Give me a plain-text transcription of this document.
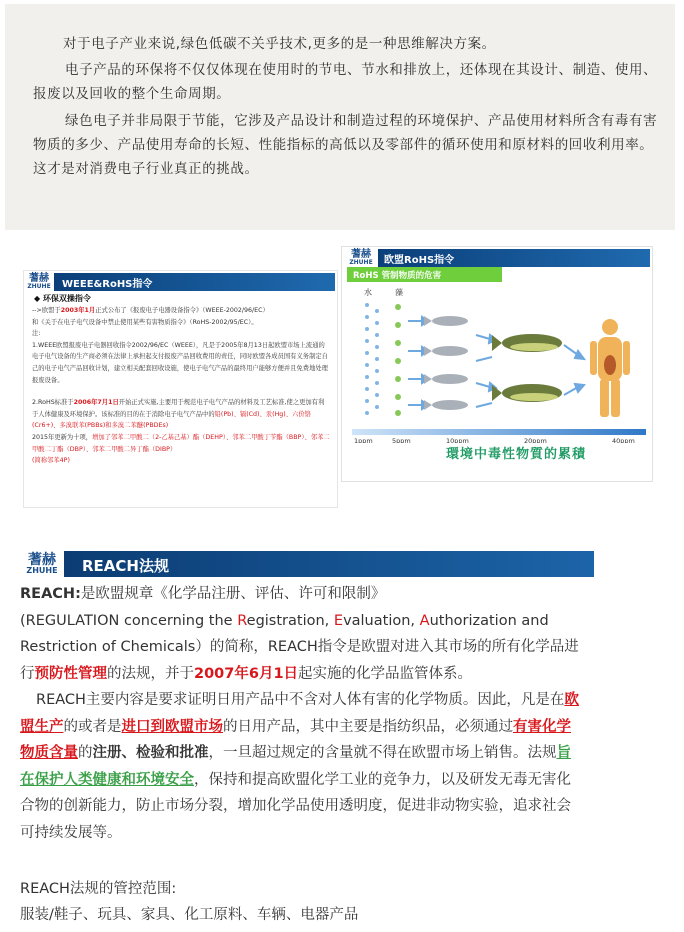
对于电子产业来说,绿色低碳不关乎技术,更多的是一种思维解决方案。

电子产品的环保将不仅仅体现在使用时的节电、节水和排放上，还体现在其设计、制造、使用、报废以及回收的整个生命周期。

绿色电子并非局限于节能，它涉及产品设计和制造过程的环境保护、产品使用材料所含有毒有害物质的多少、产品使用寿命的长短、性能指标的高低以及零部件的循环使用和原材料的回收利用率。这才是对消费电子行业真正的挑战。

蓍赫
ZHUHE WEEE&RoHS指令
◆ 环保双操指令
-->欧盟于2003年1月正式公布了《报废电子电器设备指令》（WEEE-2002/96/EC）
和《关于在电子电气设备中禁止使用某些有害物质指令》（RoHS-2002/95/EC）。
注:
1.WEEE欧盟报废电子电器回收指令2002/96/EC（WEEE），凡是于2005年8月13日起欧盟市场上流通的电子电气设备的生产商必须在法律上承担起支付报废产品回收费用的责任，同时欧盟各成员国有义务制定自己的电子电气产品回收计划，建立相关配套回收设施，使电子电气产品的最终用户能够方便并且免费地处理报废设备。
2.RoHS标准于2006年7月1日开始正式实施,主要用于规范电子电气产品的材料及工艺标准,使之更加有利于人体健康及环境保护。该标准的目的在于消除电子电气产品中的铅(Pb)、镉(Cd)、汞(Hg)、六价铬(Cr6+)、多溴联苯(PBBs)和多溴二苯醚(PBDEs)
2015年更新为十项，增加了邻苯二甲酸二（2-乙基己基）酯（DEHP）、邻苯二甲酸丁苄酯（BBP）、邻苯二甲酸二丁酯（DBP）、邻苯二甲酸二异丁酯（DIBP）
(简称邻苯4P)
蓍赫
ZHUHE 欧盟RoHS指令
RoHS 管制物质的危害
水	藻
1ppm	5ppm	10ppm	20ppm	40ppm
環境中毒性物質的累積
蓍赫
ZHUHE REACH法规

REACH:是欧盟规章《化学品注册、评估、许可和限制》
(REGULATION concerning the Registration, Evaluation, Authorization and Restriction of Chemicals）的简称，REACH指令是欧盟对进入其市场的所有化学品进行预防性管理的法规，并于2007年6月1日起实施的化学品监管体系。

REACH主要内容是要求证明日用产品中不含对人体有害的化学物质。因此，凡是在欧盟生产的或者是进口到欧盟市场的日用产品，其中主要是指纺织品，必须通过有害化学物质含量的注册、检验和批准，一旦超过规定的含量就不得在欧盟市场上销售。法规旨在保护人类健康和环境安全，保持和提高欧盟化学工业的竞争力，以及研发无毒无害化合物的创新能力，防止市场分裂，增加化学品使用透明度，促进非动物实验，追求社会可持续发展等。

REACH法规的管控范围:

服装/鞋子、玩具、家具、化工原料、车辆、电器产品
